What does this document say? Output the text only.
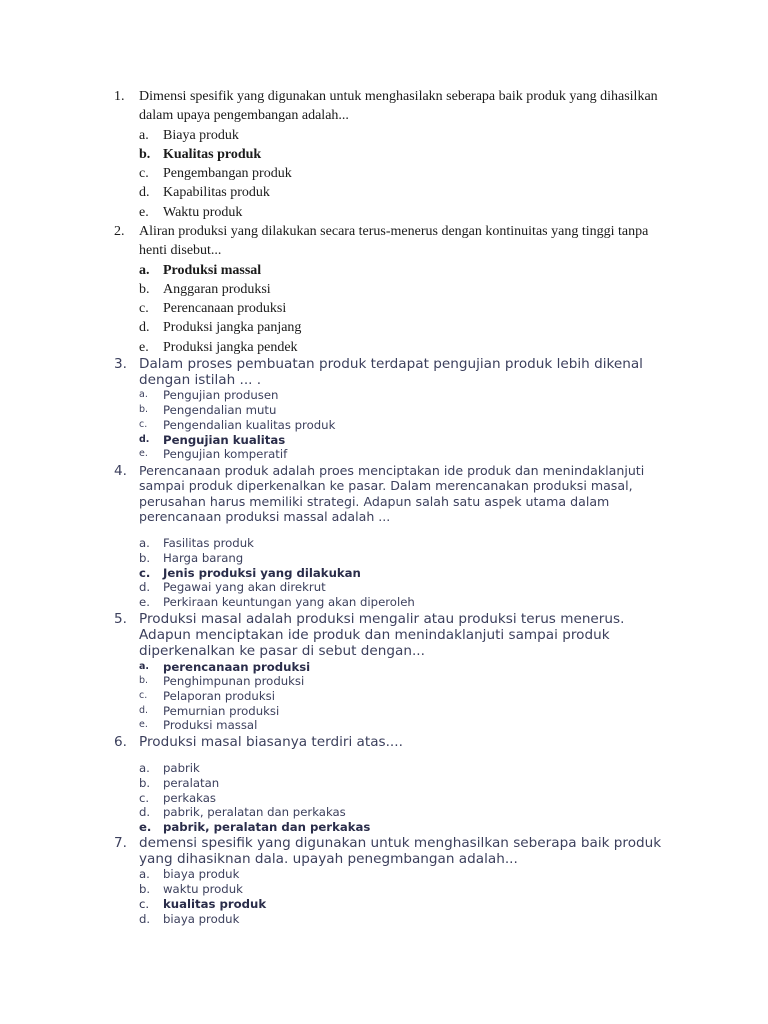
1. Dimensi spesifik yang digunakan untuk menghasilakn seberapa baik produk yang dihasilkan dalam upaya pengembangan adalah...
a. Biaya produk
b. Kualitas produk
c. Pengembangan produk
d. Kapabilitas produk
e. Waktu produk
2. Aliran produksi yang dilakukan secara terus-menerus dengan kontinuitas yang tinggi tanpa henti disebut...
a. Produksi massal
b. Anggaran produksi
c. Perencanaan produksi
d. Produksi jangka panjang
e. Produksi jangka pendek
3. Dalam proses pembuatan produk terdapat pengujian produk lebih dikenal dengan istilah ... .
a. Pengujian produsen
b. Pengendalian mutu
c. Pengendalian kualitas produk
d. Pengujian kualitas
e. Pengujian komperatif
4. Perencanaan produk adalah proes menciptakan ide produk dan menindaklanjuti sampai produk diperkenalkan ke pasar. Dalam merencanakan produksi masal, perusahan harus memiliki strategi. Adapun salah satu aspek utama dalam perencanaan produksi massal adalah ...
a. Fasilitas produk
b. Harga barang
c. Jenis produksi yang dilakukan
d. Pegawai yang akan direkrut
e. Perkiraan keuntungan yang akan diperoleh
5. Produksi masal adalah produksi mengalir atau produksi terus menerus. Adapun menciptakan ide produk dan menindaklanjuti sampai produk diperkenalkan ke pasar di sebut dengan...
a. perencanaan produksi
b. Penghimpunan produksi
c. Pelaporan produksi
d. Pemurnian produksi
e. Produksi massal
6. Produksi masal biasanya terdiri atas....
a. pabrik
b. peralatan
c. perkakas
d. pabrik, peralatan dan perkakas
e. pabrik, peralatan dan perkakas
7. demensi spesifik yang digunakan untuk menghasilkan seberapa baik produk yang dihasiknan dala. upayah penegmbangan adalah...
a. biaya produk
b. waktu produk
c. kualitas produk
d. biaya produk
